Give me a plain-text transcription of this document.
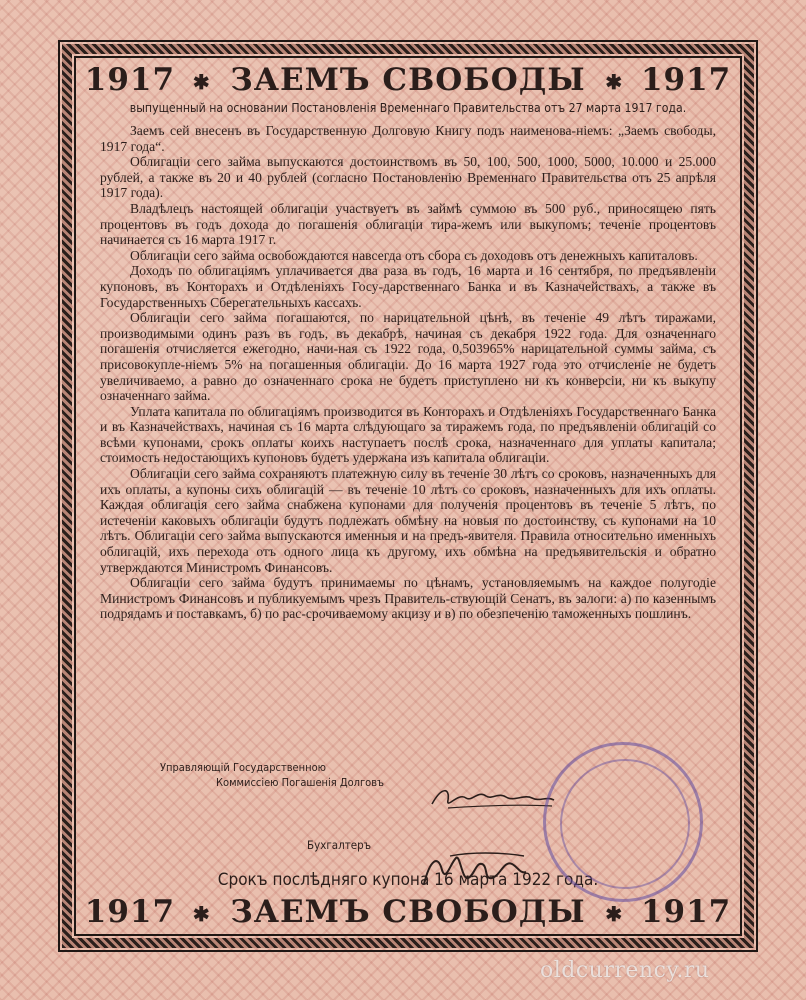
1917 ✱ ЗАЕМЪ СВОБОДЫ ✱ 1917
выпущенный на основании Постановленія Временнаго Правительства отъ 27 марта 1917 года.

Заемъ сей внесенъ въ Государственную Долговую Книгу подъ наименова-ніемъ: „Заемъ свободы, 1917 года“.

Облигаціи сего займа выпускаются достоинствомъ въ 50, 100, 500, 1000, 5000, 10.000 и 25.000 рублей, а также въ 20 и 40 рублей (согласно Постановленію Временнаго Правительства отъ 25 апрѣля 1917 года).

Владѣлецъ настоящей облигаціи участвуетъ въ займѣ суммою въ 500 руб., приносящею пять процентовъ въ годъ дохода до погашенія облигаціи тира-жемъ или выкупомъ; теченіе процентовъ начинается съ 16 марта 1917 г.

Облигаціи сего займа освобождаются навсегда отъ сбора съ доходовъ отъ денежныхъ капиталовъ.

Доходъ по облигаціямъ уплачивается два раза въ годъ, 16 марта и 16 сентября, по предъявленіи купоновъ, въ Конторахъ и Отдѣленіяхъ Госу-дарственнаго Банка и въ Казначействахъ, а также въ Государственныхъ Сберегательныхъ кассахъ.

Облигаціи сего займа погашаются, по нарицательной цѣнѣ, въ теченіе 49 лѣтъ тиражами, производимыми одинъ разъ въ годъ, въ декабрѣ, начиная съ декабря 1922 года. Для означеннаго погашенія отчисляется ежегодно, начи-ная съ 1922 года, 0,503965% нарицательной суммы займа, съ присовокупле-ніемъ 5% на погашенныя облигаціи. До 16 марта 1927 года это отчисленіе не будетъ увеличиваемо, а равно до означеннаго срока не будетъ приступлено ни къ конверсіи, ни къ выкупу означеннаго займа.

Уплата капитала по облигаціямъ производится въ Конторахъ и Отдѣленіяхъ Государственнаго Банка и въ Казначействахъ, начиная съ 16 марта слѣдующаго за тиражемъ года, по предъявленіи облигацій со всѣми купонами, срокъ оплаты коихъ наступаетъ послѣ срока, назначеннаго для уплаты капитала; стоимость недостающихъ купоновъ будетъ удержана изъ капитала облигаціи.

Облигаціи сего займа сохраняютъ платежную силу въ теченіе 30 лѣтъ со сроковъ, назначенныхъ для ихъ оплаты, а купоны сихъ облигацій — въ теченіе 10 лѣтъ со сроковъ, назначенныхъ для ихъ оплаты. Каждая облигація сего займа снабжена купонами для полученія процентовъ въ теченіе 5 лѣтъ, по истеченіи каковыхъ облигаціи будутъ подлежать обмѣну на новыя по достоинству, съ купонами на 10 лѣтъ. Облигаціи сего займа выпускаются именныя и на предъ-явителя. Правила относительно именныхъ облигацій, ихъ перехода отъ одного лица къ другому, ихъ обмѣна на предъявительскія и обратно утверждаются Министромъ Финансовъ.

Облигаціи сего займа будутъ принимаемы по цѣнамъ, установляемымъ на каждое полугодіе Министромъ Финансовъ и публикуемымъ чрезъ Правитель-ствующій Сенатъ, въ залоги: а) по казеннымъ подрядамъ и поставкамъ, б) по рас-срочиваемому акцизу и в) по обезпеченію таможенныхъ пошлинъ.

Управляющій Государственною
Коммиссіею Погашенія Долговъ
Бухгалтеръ
Срокъ послѣдняго купона 16 марта 1922 года.
1917 ✱ ЗАЕМЪ СВОБОДЫ ✱ 1917
oldcurrency.ru
